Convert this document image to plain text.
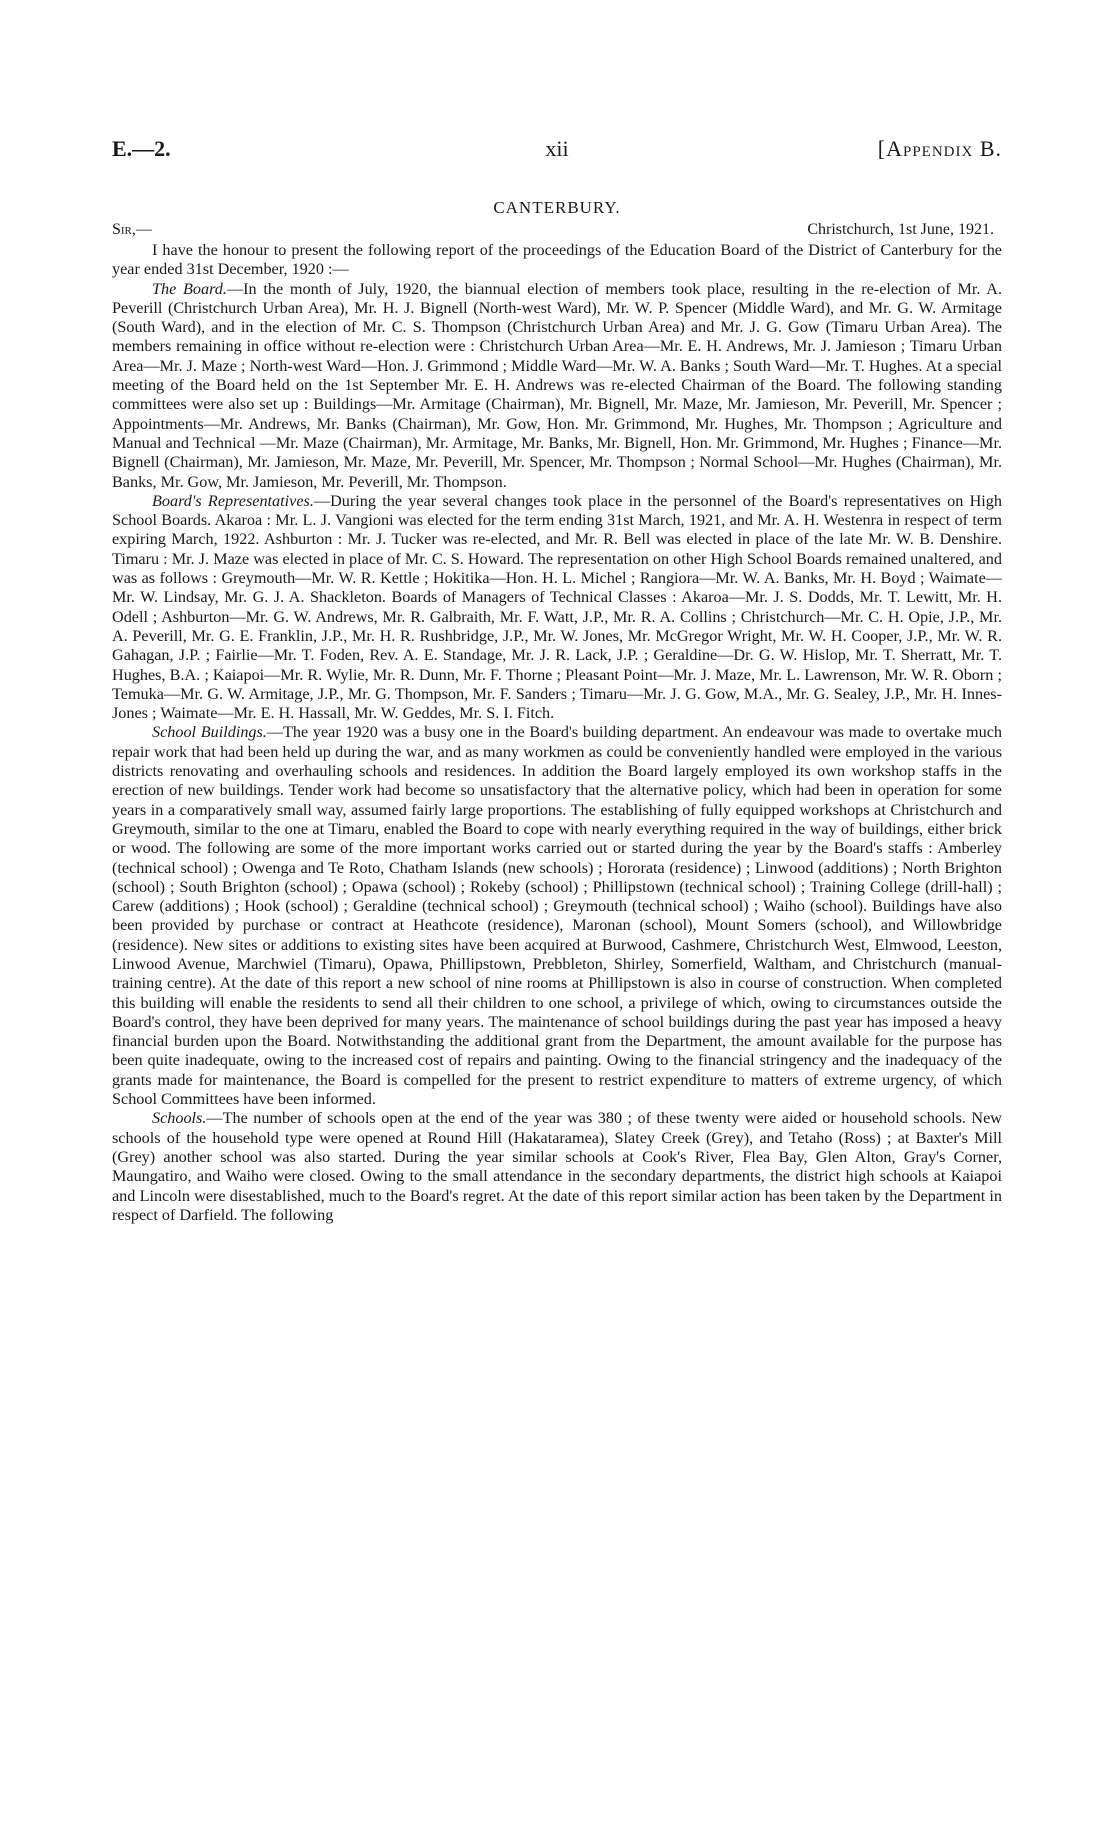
E.—2.	xii	[Appendix B.
CANTERBURY.
Sir,—	Christchurch, 1st June, 1921.

I have the honour to present the following report of the proceedings of the Education Board of the District of Canterbury for the year ended 31st December, 1920 :—

The Board.—In the month of July, 1920, the biannual election of members took place, resulting in the re-election of Mr. A. Peverill (Christchurch Urban Area), Mr. H. J. Bignell (North-west Ward), Mr. W. P. Spencer (Middle Ward), and Mr. G. W. Armitage (South Ward), and in the election of Mr. C. S. Thompson (Christchurch Urban Area) and Mr. J. G. Gow (Timaru Urban Area). The members remaining in office without re-election were : Christchurch Urban Area—Mr. E. H. Andrews, Mr. J. Jamieson ; Timaru Urban Area—Mr. J. Maze ; North-west Ward—Hon. J. Grimmond ; Middle Ward—Mr. W. A. Banks ; South Ward—Mr. T. Hughes. At a special meeting of the Board held on the 1st September Mr. E. H. Andrews was re-elected Chairman of the Board. The following standing committees were also set up : Buildings—Mr. Armitage (Chairman), Mr. Bignell, Mr. Maze, Mr. Jamieson, Mr. Peverill, Mr. Spencer ; Appointments—Mr. Andrews, Mr. Banks (Chairman), Mr. Gow, Hon. Mr. Grimmond, Mr. Hughes, Mr. Thompson ; Agriculture and Manual and Technical —Mr. Maze (Chairman), Mr. Armitage, Mr. Banks, Mr. Bignell, Hon. Mr. Grimmond, Mr. Hughes ; Finance—Mr. Bignell (Chairman), Mr. Jamieson, Mr. Maze, Mr. Peverill, Mr. Spencer, Mr. Thompson ; Normal School—Mr. Hughes (Chairman), Mr. Banks, Mr. Gow, Mr. Jamieson, Mr. Peverill, Mr. Thompson.

Board's Representatives.—During the year several changes took place in the personnel of the Board's representatives on High School Boards. Akaroa : Mr. L. J. Vangioni was elected for the term ending 31st March, 1921, and Mr. A. H. Westenra in respect of term expiring March, 1922. Ashburton : Mr. J. Tucker was re-elected, and Mr. R. Bell was elected in place of the late Mr. W. B. Denshire. Timaru : Mr. J. Maze was elected in place of Mr. C. S. Howard. The representation on other High School Boards remained unaltered, and was as follows : Greymouth—Mr. W. R. Kettle ; Hokitika—Hon. H. L. Michel ; Rangiora—Mr. W. A. Banks, Mr. H. Boyd ; Waimate—Mr. W. Lindsay, Mr. G. J. A. Shackleton. Boards of Managers of Technical Classes : Akaroa—Mr. J. S. Dodds, Mr. T. Lewitt, Mr. H. Odell ; Ashburton—Mr. G. W. Andrews, Mr. R. Galbraith, Mr. F. Watt, J.P., Mr. R. A. Collins ; Christchurch—Mr. C. H. Opie, J.P., Mr. A. Peverill, Mr. G. E. Franklin, J.P., Mr. H. R. Rushbridge, J.P., Mr. W. Jones, Mr. McGregor Wright, Mr. W. H. Cooper, J.P., Mr. W. R. Gahagan, J.P. ; Fairlie—Mr. T. Foden, Rev. A. E. Standage, Mr. J. R. Lack, J.P. ; Geraldine—Dr. G. W. Hislop, Mr. T. Sherratt, Mr. T. Hughes, B.A. ; Kaiapoi—Mr. R. Wylie, Mr. R. Dunn, Mr. F. Thorne ; Pleasant Point—Mr. J. Maze, Mr. L. Lawrenson, Mr. W. R. Oborn ; Temuka—Mr. G. W. Armitage, J.P., Mr. G. Thompson, Mr. F. Sanders ; Timaru—Mr. J. G. Gow, M.A., Mr. G. Sealey, J.P., Mr. H. Innes-Jones ; Waimate—Mr. E. H. Hassall, Mr. W. Geddes, Mr. S. I. Fitch.

School Buildings.—The year 1920 was a busy one in the Board's building department. An endeavour was made to overtake much repair work that had been held up during the war, and as many workmen as could be conveniently handled were employed in the various districts renovating and overhauling schools and residences. In addition the Board largely employed its own workshop staffs in the erection of new buildings. Tender work had become so unsatisfactory that the alternative policy, which had been in operation for some years in a comparatively small way, assumed fairly large proportions. The establishing of fully equipped workshops at Christchurch and Greymouth, similar to the one at Timaru, enabled the Board to cope with nearly everything required in the way of buildings, either brick or wood. The following are some of the more important works carried out or started during the year by the Board's staffs : Amberley (technical school) ; Owenga and Te Roto, Chatham Islands (new schools) ; Hororata (residence) ; Linwood (additions) ; North Brighton (school) ; South Brighton (school) ; Opawa (school) ; Rokeby (school) ; Phillipstown (technical school) ; Training College (drill-hall) ; Carew (additions) ; Hook (school) ; Geraldine (technical school) ; Greymouth (technical school) ; Waiho (school). Buildings have also been provided by purchase or contract at Heathcote (residence), Maronan (school), Mount Somers (school), and Willowbridge (residence). New sites or additions to existing sites have been acquired at Burwood, Cashmere, Christchurch West, Elmwood, Leeston, Linwood Avenue, Marchwiel (Timaru), Opawa, Phillipstown, Prebbleton, Shirley, Somerfield, Waltham, and Christchurch (manual-training centre). At the date of this report a new school of nine rooms at Phillipstown is also in course of construction. When completed this building will enable the residents to send all their children to one school, a privilege of which, owing to circumstances outside the Board's control, they have been deprived for many years. The maintenance of school buildings during the past year has imposed a heavy financial burden upon the Board. Notwithstanding the additional grant from the Department, the amount available for the purpose has been quite inadequate, owing to the increased cost of repairs and painting. Owing to the financial stringency and the inadequacy of the grants made for maintenance, the Board is compelled for the present to restrict expenditure to matters of extreme urgency, of which School Committees have been informed.

Schools.—The number of schools open at the end of the year was 380 ; of these twenty were aided or household schools. New schools of the household type were opened at Round Hill (Hakataramea), Slatey Creek (Grey), and Tetaho (Ross) ; at Baxter's Mill (Grey) another school was also started. During the year similar schools at Cook's River, Flea Bay, Glen Alton, Gray's Corner, Maungatiro, and Waiho were closed. Owing to the small attendance in the secondary departments, the district high schools at Kaiapoi and Lincoln were disestablished, much to the Board's regret. At the date of this report similar action has been taken by the Department in respect of Darfield. The following
